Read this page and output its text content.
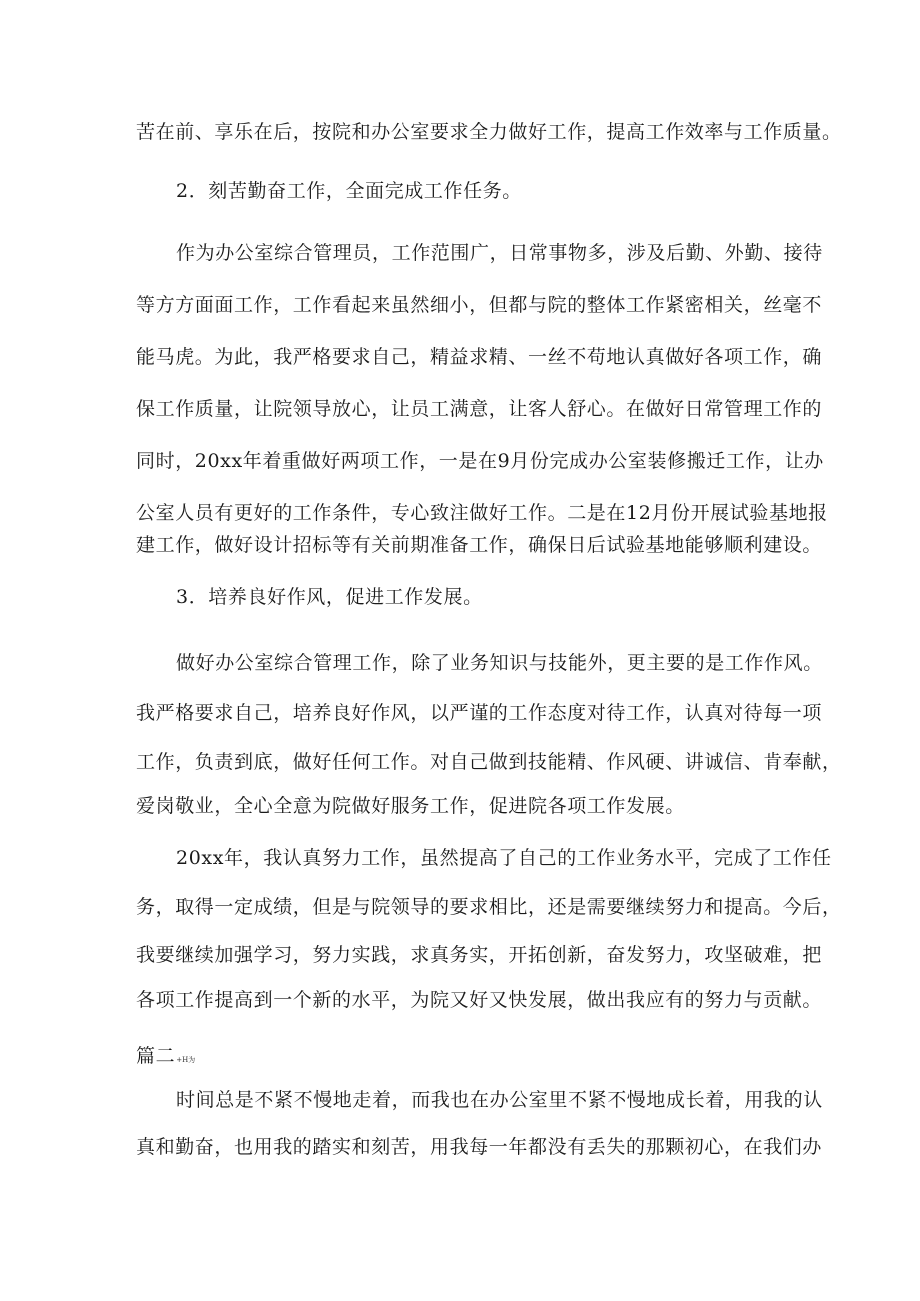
苦在前、享乐在后，按院和办公室要求全力做好工作，提高工作效率与工作质量。
2．刻苦勤奋工作，全面完成工作任务。
作为办公室综合管理员，工作范围广，日常事物多，涉及后勤、外勤、接待
等方方面面工作，工作看起来虽然细小，但都与院的整体工作紧密相关，丝毫不
能马虎。为此，我严格要求自己，精益求精、一丝不苟地认真做好各项工作，确
保工作质量，让院领导放心，让员工满意，让客人舒心。在做好日常管理工作的
同时，20xx年着重做好两项工作，一是在9月份完成办公室装修搬迁工作，让办
公室人员有更好的工作条件，专心致注做好工作。二是在12月份开展试验基地报
建工作，做好设计招标等有关前期准备工作，确保日后试验基地能够顺利建设。
3．培养良好作风，促进工作发展。
做好办公室综合管理工作，除了业务知识与技能外，更主要的是工作作风。
我严格要求自己，培养良好作风，以严谨的工作态度对待工作，认真对待每一项
工作，负责到底，做好任何工作。对自己做到技能精、作风硬、讲诚信、肯奉献，
爱岗敬业，全心全意为院做好服务工作，促进院各项工作发展。
20xx年，我认真努力工作，虽然提高了自己的工作业务水平，完成了工作任
务，取得一定成绩，但是与院领导的要求相比，还是需要继续努力和提高。今后，
我要继续加强学习，努力实践，求真务实，开拓创新，奋发努力，攻坚破难，把
各项工作提高到一个新的水平，为院又好又快发展，做出我应有的努力与贡献。
篇二+H为
时间总是不紧不慢地走着，而我也在办公室里不紧不慢地成长着，用我的认
真和勤奋，也用我的踏实和刻苦，用我每一年都没有丢失的那颗初心，在我们办
